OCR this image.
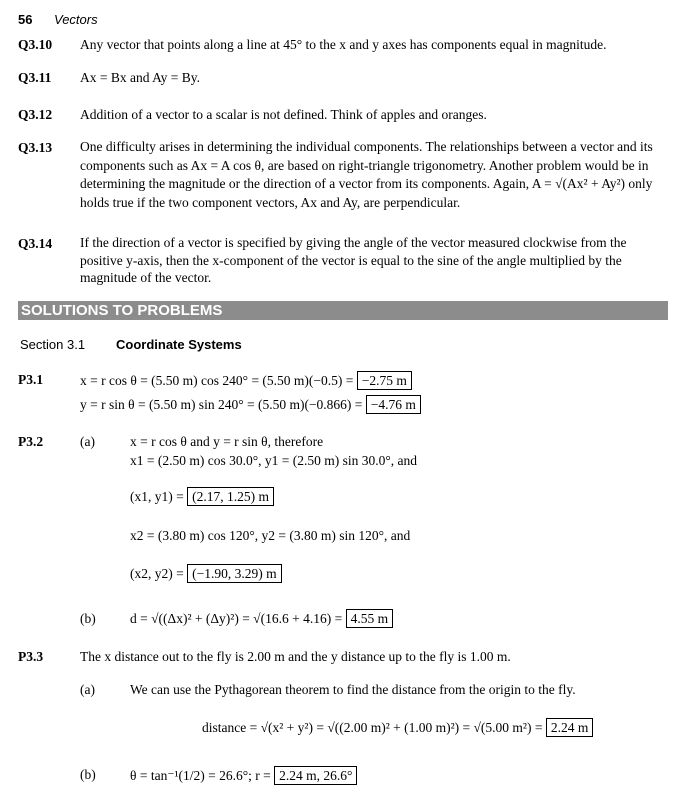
56 Vectors
Q3.10 Any vector that points along a line at 45° to the x and y axes has components equal in magnitude.
Q3.11 Ax = Bx and Ay = By.
Q3.12 Addition of a vector to a scalar is not defined. Think of apples and oranges.
Q3.13 One difficulty arises in determining the individual components. The relationships between a vector and its components such as Ax = A cos θ, are based on right-triangle trigonometry. Another problem would be in determining the magnitude or the direction of a vector from its components. Again, A = √(Ax² + Ay²) only holds true if the two component vectors, Ax and Ay, are perpendicular.
Q3.14 If the direction of a vector is specified by giving the angle of the vector measured clockwise from the positive y-axis, then the x-component of the vector is equal to the sine of the angle multiplied by the magnitude of the vector.
SOLUTIONS TO PROBLEMS
Section 3.1 Coordinate Systems
P3.1	x = r cos θ = (5.50 m) cos 240° = (5.50 m)(−0.5) = −2.75 m
y = r sin θ = (5.50 m) sin 240° = (5.50 m)(−0.866) = −4.76 m
P3.2	(a)	x = r cos θ and y = r sin θ, therefore
x1 = (2.50 m) cos 30.0°, y1 = (2.50 m) sin 30.0°, and
(x1, y1) = (2.17, 1.25) m
x2 = (3.80 m) cos 120°, y2 = (3.80 m) sin 120°, and
(x2, y2) = (−1.90, 3.29) m
(b)	d = √((Δx)² + (Δy)²) = √(16.6 + 4.16) = 4.55 m
P3.3	The x distance out to the fly is 2.00 m and the y distance up to the fly is 1.00 m.
(a)	We can use the Pythagorean theorem to find the distance from the origin to the fly.
distance = √(x² + y²) = √((2.00 m)² + (1.00 m)²) = √(5.00 m²) = 2.24 m
(b)	θ = tan⁻¹(1/2) = 26.6°; r = 2.24 m, 26.6°
